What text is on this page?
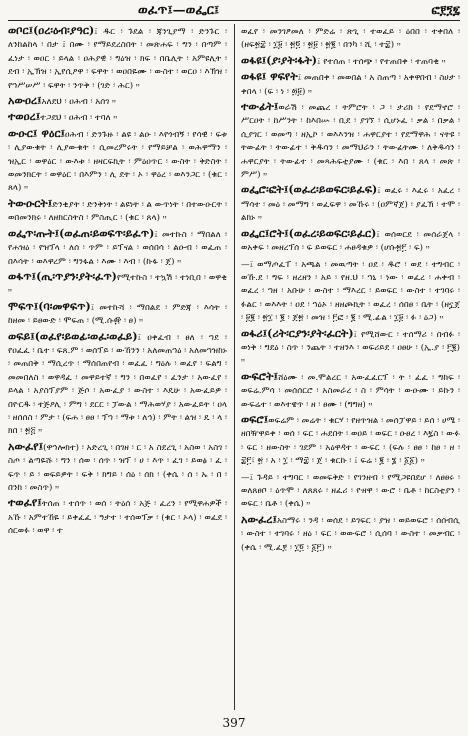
ወፈጥ፤—ወፌር፤	ፎ፻፺፯
ወቦር፤(ዐረ፡ዕብ፡ያዓር)፤ ዱር ፡ ጉደል ፡ ጃንጊያማ ፡ ድንጉር ፡ ለንከልከላ ፡ በታ ፤ በሙ ፡ የማይደረስበት ፡ መጽሐፍ ፡ ግን ፡ በጣም ፡ ፈነታ ፡ ወዐር ፡ ይላል ፡ ዐሕያዊ ፡ ግዕዝ ፡ ክፍ ፡ በቤሊት ፡ አምዩሊት ፡ ደብ ፡ ኢኽዝ ፡ ኢየሲዖዋ ፡ ፍዋት ፡ ወዐበዬሙ ፡ ውስተ ፡ ወርዐ ፡ እኽዝ ፡ የኀሥሠሥ ፡ ፍዋት ፡ ንጥቅ ፡ (ገድ ፡ ሕር) ።
አውዐረ፤አለደህ ፡ ዐሕብ ፡ አሰገ ።
ተወዐረ፤ተጋደህ ፡ ዐሕብ ፡ ተባለ ።
ውዑር፤ ዋዕር፤ዐሕብ ፡ ድንጉዙ ፡ ልዩ ፡ ልዑ ፡ እየጎብኝ ፡ የሳዊ ፡ ፍቱ ፡ ሊያውቁት ፡ ሊያውቁት ፡ ሲመረምሩት ፡ የማይቻል ፡ ወሕዋማን ፡ ዝኢር ፡ ወዋዕር ፡ ውእቱ ፡ ዘዛርፍኪት ፡ ምዕዐጥር ፡ ውስት ፡ ቅድስት ፡ ወመንክርት ፡ ወዋዕር ፡ በእምን ፡ ሊ ደት ፡ ኦ ፡ ዋዕረ ፡ ወእንጋር ፡ (ቁር ፡ ጸላ) ።
ትውዑርት፤ድንቂያት ፡ ድንቅነት ፡ ልዩነት ፡ ል ውጥነት ፡ በተውዑርት ፡ ወበመንክሩ ፡ ለዘክርስትስ ፡ ምስጢር ፡ (ቁር ፡ ጸላ) ።
ወፌጥ፡ጡት፤(ወፈጠ፡ይወፍጥ፡ይፈጥ)፤ መተኩስ ፡ ማበልለ ፡ የሐዝዕ ፡ የዝፕላ ፡ ለሰ ፡ ጥም ፡ ይፕናል ፡ ወሰበሳ ፡ ልዑብ ፡ ወፈጠ ፡ በእሳት ፡ ወእዋረም ፡ ግንፋል ፡ እሙ ፡ እብ ፡ (ኩፋ ፡ ጀ) ።
ወፋጥ፤(ጢ፡ጥያን፡ያት፡ፈጥ)የሚተኩስ ፡ ተኳሽ ፡ ተነቢበ ፡ ወዋቂ ።
ሞፍጥ፤(ባ፡መዋፍጥ)፤ መተኩሻ ፡ ማበልደ ፡ ምድጃ ፡ እሳት ፡ ከዘመ ፡ ይፀውድ ፡ ሞፍጠ ፡ (ሚ.ሱ፼ ፡ ፀ) ።
ወፍይ፤(ወፈየ፡ይወፊ፡ወፈ፡ወፈይ)፤ ዐቀፈብ ፡ ፀለ ፡ ኀደ ፡ የዐፈፈ ፡ ቤተ ፡ ፍጸ.ም ፡ ወሰፕይ ፡ ውኸንን ፡ አለመጠኀዕ ፡ አለመኀዝከኑ ፡ መጠበቅ ፡ ማሲረጥ ፡ ማሰበጠየብ ፡ ወፈፈ ፡ ግዕሉ ፡ ወፈየ ፡ ፍልግ ፡ መመበለስ ፡ ወዋዳፈ ፡ መዋይተኛ ፡ ግን ፡ በወፈየ ፡ ፈንታ ፡ አውፈየ ፡ ይላል ፡ አያስፕያም ፡ ጅሶ ፡ አውፈያ ፡ ውስተ ፡ እዴሁ ፡ አውፈይዎ ፡ በዮርዱ ፡ ተጅዖሊ ፡ ምግ ፡ ደርር ፡ ፓውል ፡ ማሕወሃያ ፡ አውፈይት ፡ ዐላ ፡ ዘሰሰስ ፡ ምታ ፡ (ፍሐ ፡ ፀፀ ፡ ፕኀ ፡ ማቱ ፡ ለኅ) ፡ ምት ፡ ልዝ ፡ ዴ ፡ ላ ፡ ክበ ፡ ፳፭ ።
አውፈየ፤(ዋኀሎክተ) ፡ አድረጊ ፡ በገዘ ፡ ር ፡ አ ስደረጊ ፡ አስወ ፡ አስገ ፡ ስጦ ፡ ልጣዬሹ ፡ ግን ፡ ሰወ ፡ ሰጥ ፡ ዝፕ ፡ ሀ ፡ እጥ ፡ ፈገ ፡ ይወፅ ፡ ፈ ፡ ፍጥ ፡ ይ ፡ ወፍይዎት ፡ ፍቅ ፡ ክግይ ፡ ሰዕ ፡ ሰክ ፡ (ቀሴ ፡ ሰ ፡ ኡ ፡ በ ፡ በንከ ፡ መስጥ) ።
ተወፈየ፤ትሰጠ ፡ ተሰጥ ፡ ወሰ ፡ ትዕሰ ፡ አጅ ፡ ፈረን ፡ የሚዋሐዎች ፡ አኹ ፡ አምተኸዬ ፡ ይቀፈፈ ፡ ዓታተ ፡ ተሰወፕቃ ፡ (ቁር ፡ ኦላ) ፡ ወፈደ ፡ ሰርወፉ ፡ ወዋ ፡ ተ
ወፈየ ፡ መንገፆመለ ፡ ምድሬ ፡ ጽጊ ፡ ተወፈይ ፡ ዕበበ ፡ ተቀበለ ፡ (ዘፍ፳፰ ፡ ፲፱ ፡ ፳፬ ፡ ፳፱ ፡ ፳፪ ፡ በንካ ፡ ሺ ፡ ተ፰) ።
ወፋዩ፤(ያ፡ያት፡ፋት)፤ የተሰጠ ፡ ተሰጭ ፡ የተጠበቀ ፡ ተጠባቂ ።
ወፋዩ፤ ዋፍየት፤ መጠበቀ ፡ መወበል ፡ አ ስጠጣ ፡ አቀዋበብ ፡ ስሀታ ፡ ቀበላ ፡ (ፍ ፡ ነ ፡ ፴፱) ።
ተውፊት፤ወራሽ ፡ መጨረ ፡ ትምሮት ፡ ጋ ፡ ታሪክ ፡ የደማኖሮ ፡ ሥርዐት ፡ ከሥንት ፡ ከእበሡ ፡ ቢደ ፡ ያገኘ ፡ ሲሆኑፈ ፡ ቃል ፡ በቃል ፡ ሲያገር ፡ ወመጣ ፡ ዘኢኮ ፡ ወእእንዝ ፡ ሐዋርያተ ፡ የደማዋሕ ፡ ናትዩ ፡ ትውፊት ፡ ትውፊተ ፡ ቅዱሳን ፡ መማህራን ፡ ትውፊትሙ ፡ ለቅዱሳን ፡ ሐዋርያት ፡ ትውፊተ ፡ መጻሕፍቲያሙ ፡ (ቁር ፡ እበ ፡ ጸላ ፡ መጽ ፡ ምሥ) ።
ወፌሮ፡ፎት፤(ወፈረ፡ይወፍር፡ይፈፍ)፤ ወፈሩ ፡ እፈሩ ፡ አፈረ ፡ ማሳተ ፡ መዕ ፡ መማግ ፡ ወፈፍዋ ፡ መኹሩ ፡ (ዐምኛጀ) ፡ ያፈኽ ፡ ተሞ ፡ ልክኑ ።
ወፌር፤ሮት፤(ወፈረ፡ይወፍር፡ይፈር)፤ ወሰወርደ ፡ መሰራጀላ ፡ ወአቀፍ ፡ መዘረፕሰ ፡ ፍ ይወፍር ፡ ሐፀዳቁዎ ፡ (ሆሱ፳፫ ፡ ፍ) ።
—፤ ወማጦፈፐ ፡ አጫል ፡ መዉጣት ፡ ዐደ ፡ ዱሮ ፡ ወደ ፡ ተግብር ፡ ወኹ.ደ ፡ ግፍ ፡ ዘረዘን ፡ አይ ፡ የዘ.ህ ፡ ኀኒ ፡ ነው ፡ ወፈረ ፡ ሐቀብ ፡ ወፈረ ፡ ኀዘ ፡ አቡሁ ፡ ውስተ ፡ ማእረር ፡ ይወፍር ፡ ውስተ ፡ ተገባሩ ፡ ፉልር ፡ ወእእት ፡ ዐደ ፡ ኀዕኦ ፡ ዘዘጮኪት ፡ ወፈረ ፡ ሰበፀ ፡ ቤት ፡ (ዘኗጀ ፡ ፱፪ ፡ ፳፲ ፡ ፪ ፡ ጀ፳ ፡ መዝ ፡ ፫ፎ ፡ ፪ ፡ ሚ.ፊል ፡ ፲፱ ፡ ፉ ፡ ዕጋ) ።
ወፋሪ፤(ሪት፡ርያን፡ያት፡ፈርት)፤ የሚሸውር ፡ ተሰማሪ ፡ በብፉ ፡ ወነቅ ፡ ግደዕ ፡ ስጥ ፡ ንጨት ፡ ተዘንእ ፡ ወፍሪይደ ፡ ዐፀሁ ፡ (ኢ.ያ ፡ ፫፪) ።
ውፍሮት፤ሸዕሙ ፡ መ.ሞልረር ፡ አውፈፈርፕ ፡ ት ፡ ፈፈ ፡ ግከፍ ፡ ወፍሬ.ምሳ ፡ መሰሰርሮ ፡ አስመራረ ፡ ስ ፡ ምሳት ፡ ውዑሙ ፡ ይኩን ፡ ውፍሬተ ፡ ወእተዌጥ ፡ ዘ ፡ ፀሙ ፡ (ግግዘ) ።
ወፍሮ፤ወፍሬም ፡ መሬት ፡ ቁርሃ ፡ የዘጥዝል ፡ መሰፓዋይ ፡ ይሰ ፡ ሀሜ ፡ ዘበዥዋይቀ ፡ ወሰ ፡ ፍር ፡ ሐደበት ፡ ወዐይ ፡ ወፍር ፡ ዑፀረ ፡ እ፯ስ ፡ ውፉ ፡ ፍር ፡ ዘውስት ፡ ገደም ፡ አዕዋዳተ ፡ ውፍር ፡ (ፍሉ ፡ ፀፀ ፡ ከፀ ፡ ዘ ፡ ፰፫፣ ፳ ፡ አ ፡ ፲ ፡ ማ፰ ፡ ጀ ፡ ቁርኩ ፡ ፤ ፍሬ ፡ ፪ ፡ ፮ ፡ ፩፩) ።
—፤ ጉዳይ ፡ ተግባር ፡ ወመፍቅድ ፡ የገንዘብ ፡ የሚጋዩበደሆ ፡ ለፀፀሩ ፡ ወለጸፀቦ ፡ ዕጥሞ ፡ ለጸጸሩ ፡ ዘፈሪ ፡ ዮዘዋ ፡ ውሮ ፡ ቤቶ ፡ ከርስቲያን ፡ ወፍር ፡ ቤቶ ፡ (ቀሴ) ።
አውፈረ፤አስማሩ ፡ ንዳ ፡ ወሰደ ፡ ይገፍር ፡ ያዝ ፡ ወይወፍሮ ፡ ሰሰብሲ ፡ ውስተ ፡ ተገባሩ ፡ ዘዕ ፡ ፍር ፡ ወውፍሮ ፡ ሲሰባ ፡ ውስተ ፡ መቃብር ፡ (ቀሴ ፡ ሚ.ፈ፻ ፡ ፲፬ ፡ ፩፫) ።
397
